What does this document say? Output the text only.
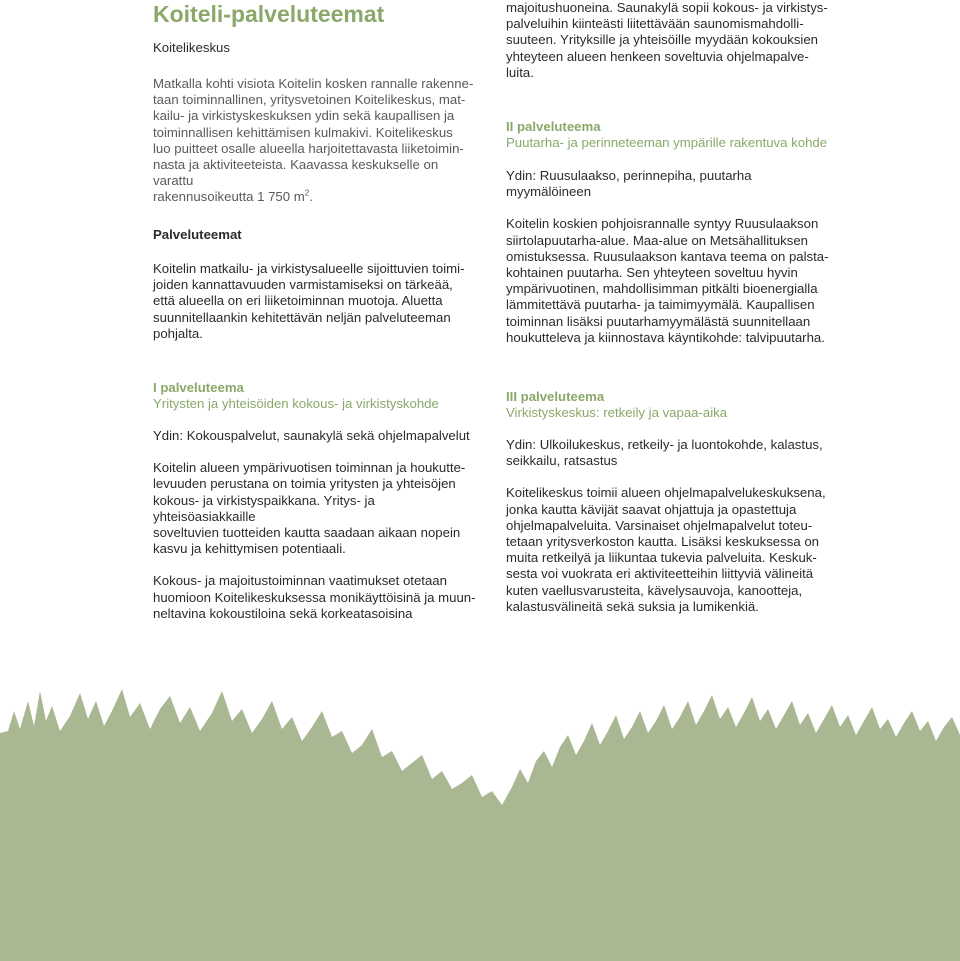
Koiteli-palveluteemat
Koitelikeskus

Matkalla kohti visiota Koitelin kosken rannalle rakenne-

taan toiminnallinen, yritysvetoinen Koitelikeskus, mat-

kailu- ja virkistyskeskuksen ydin sekä kaupallisen ja

toiminnallisen kehittämisen kulmakivi. Koitelikeskus

luo puitteet osalle alueella harjoitettavasta liiketoimin-

nasta ja aktiviteeteista. Kaavassa keskukselle on varattu

rakennusoikeutta 1 750 $m^2$.

Palveluteemat

Koitelin matkailu- ja virkistysalueelle sijoittuvien toimi-

joiden kannattavuuden varmistamiseksi on tärkeää,

että alueella on eri liiketoiminnan muotoja. Aluetta

suunnitellaankin kehitettävän neljän palveluteeman

pohjalta.

I palveluteema
Yritysten ja yhteisöiden kokous- ja virkistyskohde

Ydin: Kokouspalvelut, saunakylä sekä ohjelmapalvelut

Koitelin alueen ympärivuotisen toiminnan ja houkutte-

levuuden perustana on toimia yritysten ja yhteisöjen

kokous- ja virkistyspaikkana. Yritys- ja yhteisöasiakkaille

soveltuvien tuotteiden kautta saadaan aikaan nopein

kasvu ja kehittymisen potentiaali.

Kokous- ja majoitustoiminnan vaatimukset otetaan

huomioon Koitelikeskuksessa monikäyttöisinä ja muun-

neltavina kokoustiloina sekä korkeatasoisina

majoitushuoneina. Saunakylä sopii kokous- ja virkistys-

palveluihin kiinteästi liitettävään saunomismahdolli-

suuteen. Yrityksille ja yhteisöille myydään kokouksien

yhteyteen alueen henkeen soveltuvia ohjelmapalve-

luita.

II palveluteema
Puutarha- ja perinneteeman ympärille rakentuva kohde

Ydin: Ruusulaakso, perinnepiha, puutarha

myymälöineen

Koitelin koskien pohjoisrannalle syntyy Ruusulaakson

siirtolapuutarha-alue. Maa-alue on Metsähallituksen

omistuksessa. Ruusulaakson kantava teema on palsta-

kohtainen puutarha. Sen yhteyteen soveltuu hyvin

ympärivuotinen, mahdollisimman pitkälti bioenergialla

lämmitettävä puutarha- ja taimimyymälä. Kaupallisen

toiminnan lisäksi puutarhamyymälästä suunnitellaan

houkutteleva ja kiinnostava käyntikohde: talvipuutarha.

III palveluteema
Virkistyskeskus: retkeily ja vapaa-aika

Ydin: Ulkoilukeskus, retkeily- ja luontokohde, kalastus,

seikkailu, ratsastus

Koitelikeskus toimii alueen ohjelmapalvelukeskuksena,

jonka kautta kävijät saavat ohjattuja ja opastettuja

ohjelmapalveluita. Varsinaiset ohjelmapalvelut toteu-

tetaan yritysverkoston kautta. Lisäksi keskuksessa on

muita retkeilyä ja liikuntaa tukevia palveluita. Keskuk-

sesta voi vuokrata eri aktiviteetteihin liittyviä välineitä

kuten vaellusvarusteita, kävelysauvoja, kanootteja,

kalastusvälineitä sekä suksia ja lumikenkiä.
